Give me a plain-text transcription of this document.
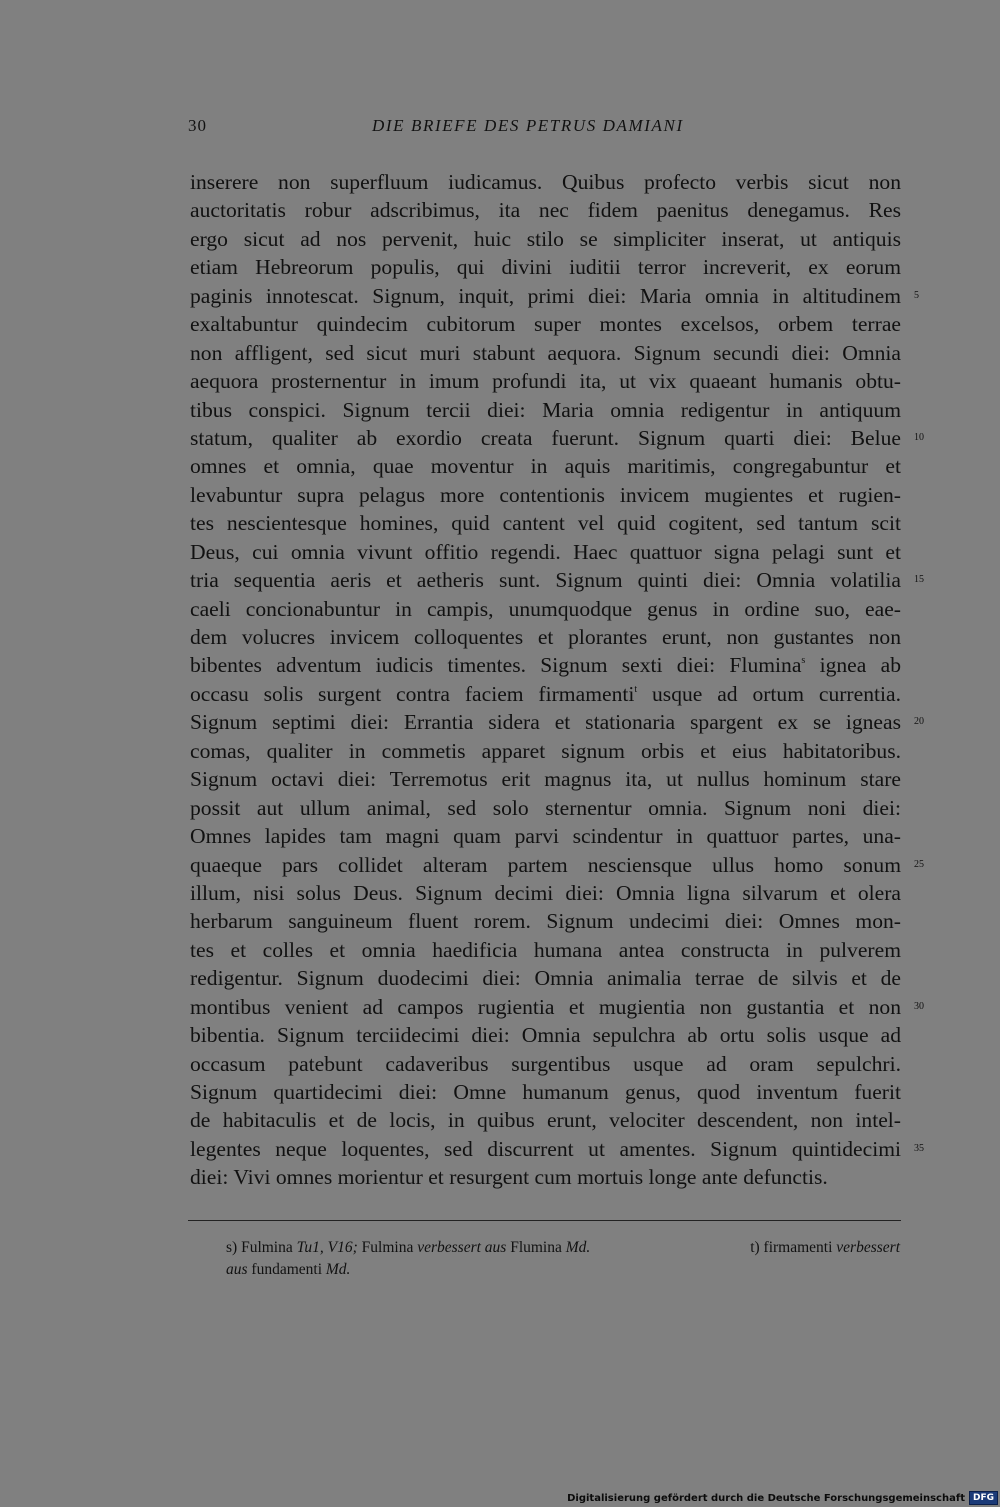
30	DIE BRIEFE DES PETRUS DAMIANI
inserere non superfluum iudicamus. Quibus profecto verbis sicut non
auctoritatis robur adscribimus, ita nec fidem paenitus denegamus. Res
ergo sicut ad nos pervenit, huic stilo se simpliciter inserat, ut antiquis
etiam Hebreorum populis, qui divini iuditii terror increverit, ex eorum
paginis innotescat. Signum, inquit, primi diei: Maria omnia in altitudinem 5
exaltabuntur quindecim cubitorum super montes excelsos, orbem terrae
non affligent, sed sicut muri stabunt aequora. Signum secundi diei: Omnia
aequora prosternentur in imum profundi ita, ut vix quaeant humanis obtu-
tibus conspici. Signum tercii diei: Maria omnia redigentur in antiquum
statum, qualiter ab exordio creata fuerunt. Signum quarti diei: Belue 10
omnes et omnia, quae moventur in aquis maritimis, congregabuntur et
levabuntur supra pelagus more contentionis invicem mugientes et rugien-
tes nescientesque homines, quid cantent vel quid cogitent, sed tantum scit
Deus, cui omnia vivunt offitio regendi. Haec quattuor signa pelagi sunt et
tria sequentia aeris et aetheris sunt. Signum quinti diei: Omnia volatilia 15
caeli concionabuntur in campis, unumquodque genus in ordine suo, eae-
dem volucres invicem colloquentes et plorantes erunt, non gustantes non
bibentes adventum iudicis timentes. Signum sexti diei: Flumina$^s$ ignea ab
occasu solis surgent contra faciem firmamenti$^t$ usque ad ortum currentia.
Signum septimi diei: Errantia sidera et stationaria spargent ex se igneas 20
comas, qualiter in commetis apparet signum orbis et eius habitatoribus.
Signum octavi diei: Terremotus erit magnus ita, ut nullus hominum stare
possit aut ullum animal, sed solo sternentur omnia. Signum noni diei:
Omnes lapides tam magni quam parvi scindentur in quattuor partes, una-
quaeque pars collidet alteram partem nesciensque ullus homo sonum 25
illum, nisi solus Deus. Signum decimi diei: Omnia ligna silvarum et olera
herbarum sanguineum fluent rorem. Signum undecimi diei: Omnes mon-
tes et colles et omnia haedificia humana antea constructa in pulverem
redigentur. Signum duodecimi diei: Omnia animalia terrae de silvis et de
montibus venient ad campos rugientia et mugientia non gustantia et non 30
bibentia. Signum terciidecimi diei: Omnia sepulchra ab ortu solis usque ad
occasum patebunt cadaveribus surgentibus usque ad oram sepulchri.
Signum quartidecimi diei: Omne humanum genus, quod inventum fuerit
de habitaculis et de locis, in quibus erunt, velociter descendent, non intel-
legentes neque loquentes, sed discurrent ut amentes. Signum quintidecimi 35
diei: Vivi omnes morientur et resurgent cum mortuis longe ante defunctis.
s) Fulmina Tu1, V16; Fulmina verbessert aus Flumina Md.	t) firmamenti verbessert
aus fundamenti Md.
Digitalisierung gefördert durch die Deutsche Forschungsgemeinschaft DFG
